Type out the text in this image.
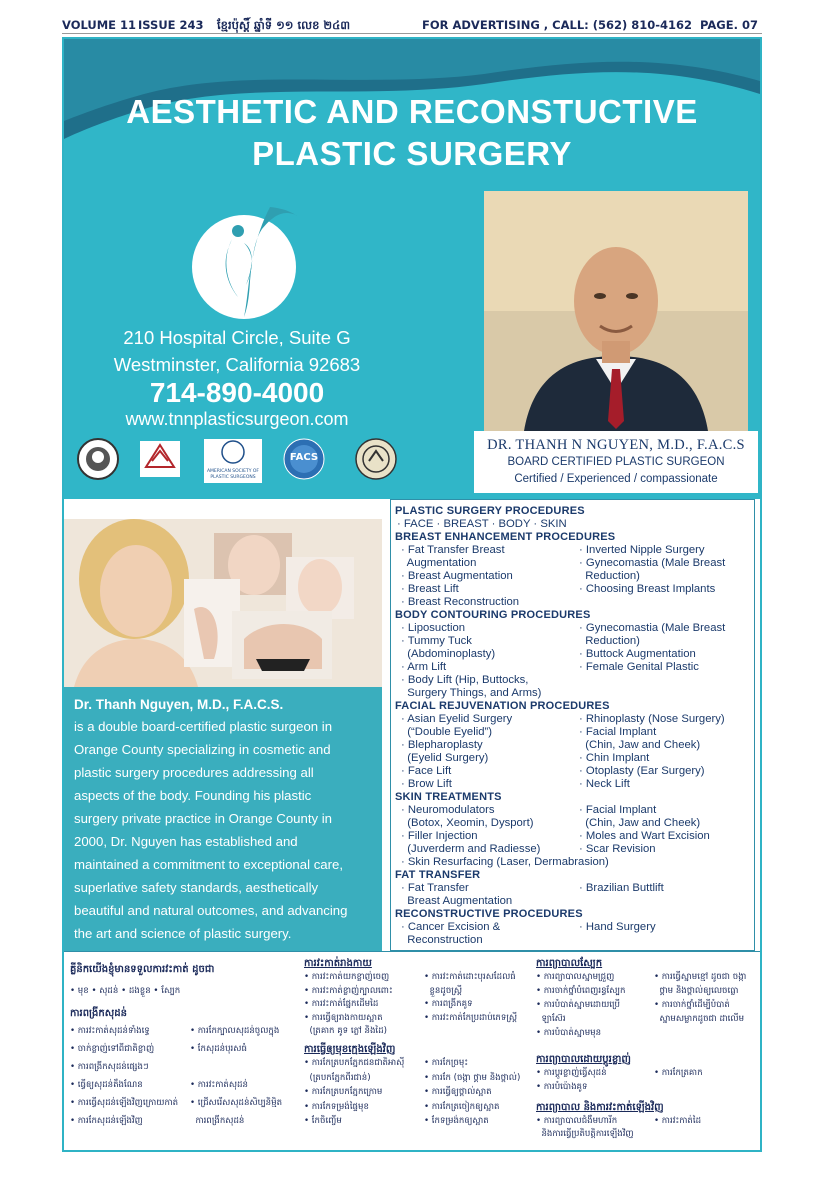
VOLUME 11 ISSUE 243 ខ្មែរប៉ុស្ដិ៍ ឆ្នាំទី ១១ លេខ ២៤៣	FOR ADVERTISING , CALL: (562) 810-4162 PAGE. 07
AESTHETIC AND RECONSTUCTIVE
PLASTIC SURGERY
210 Hospital Circle, Suite G
Westminster, California 92683
714-890-4000
www.tnnplasticsurgeon.com
AMERICAN SOCIETY OF PLASTIC SURGEONS
FACS
DR. THANH N NGUYEN, M.D., F.A.C.S
BOARD CERTIFIED PLASTIC SURGEON
Certified / Experienced / compassionate
Dr. Thanh Nguyen, M.D., F.A.C.S.
is a double board-certified plastic surgeon in
Orange County specializing in cosmetic and
plastic surgery procedures addressing all
aspects of the body. Founding his plastic
surgery private practice in Orange County in
2000, Dr. Nguyen has established and
maintained a commitment to exceptional care,
superlative safety standards, aesthetically
beautiful and natural outcomes, and advancing
the art and science of plastic surgery.
PLASTIC SURGERY PROCEDURES
· FACE · BREAST · BODY · SKIN
BREAST ENHANCEMENT PROCEDURES
· Fat Transfer Breast
Augmentation
· Breast Augmentation
· Breast Lift
· Breast Reconstruction
· Inverted Nipple Surgery
· Gynecomastia (Male Breast
Reduction)
· Choosing Breast Implants
BODY CONTOURING PROCEDURES
· Liposuction
· Tummy Tuck
(Abdominoplasty)
· Arm Lift
· Body Lift (Hip, Buttocks,
Surgery Things, and Arms)
· Gynecomastia (Male Breast
Reduction)
· Buttock Augmentation
· Female Genital Plastic
FACIAL REJUVENATION PROCEDURES
· Asian Eyelid Surgery
(“Double Eyelid”)
· Blepharoplasty
(Eyelid Surgery)
· Face Lift
· Brow Lift
· Rhinoplasty (Nose Surgery)
· Facial Implant
(Chin, Jaw and Cheek)
· Chin Implant
· Otoplasty (Ear Surgery)
· Neck Lift
SKIN TREATMENTS
· Neuromodulators
(Botox, Xeomin, Dysport)
· Filler Injection
(Juverderm and Radiesse)
· Skin Resurfacing (Laser, Dermabrasion)
· Facial Implant
(Chin, Jaw and Cheek)
· Moles and Wart Excision
· Scar Revision
FAT TRANSFER
· Fat Transfer
Breast Augmentation
· Brazilian Buttlift
RECONSTRUCTIVE PROCEDURES
· Cancer Excision &
Reconstruction
· Hand Surgery
គ្លីនិកយើងខ្ញុំមានទទួលការវះកាត់ ដូចជា
• មុខ • សុដន់ • ដងខ្លួន • ស្បែក
ការពង្រីកសុដន់
• ការវះកាត់សុដន់ទាំងទ្វេ
• ចាក់ខ្លាញ់ទៅពីជាតិខ្លាញ់
• ការពង្រីកសុដន់ផ្សេងៗ
• ធ្វើឲ្យសុដន់តឹងណែន
• ការធ្វើសុដន់ឡើងវិញក្រោយកាត់
• ការកែសុដន់ឡើងវិញ
• ការកែក្បាលសុដន់ចូលក្នុង
• កែសុដន់បុរសធំ
• ការវះកាត់សុដន់
• ជ្រើសរើសសុដន់សិប្បនិម្មិត
ការពង្រីកសុដន់
ការវះកាត់រាងកាយ
• ការវះកាត់យកខ្លាញ់ចេញ
• ការវះកាត់ខ្លាញ់ក្បាលពោះ
• ការវះកាត់ផ្នែកដើមដៃ
• ការធ្វើឲ្យរាងកាយស្អាត
(ត្រគាក គូទ ភ្លៅ និងដៃ)
• ការវះកាត់ដោះបុរសដែលធំ
ខ្លួនដូចស្ត្រី
• ការពង្រីកគូទ
• ការវះកាត់កែប្រដាប់ភេទស្ត្រី
ការធ្វើឲ្យមុខក្មេងឡើងវិញ
• ការកែត្របកភ្នែកជនជាតិអាស៊ី
(ត្របកភ្នែកពីរជាន់)
• ការកែត្របកភ្នែកក្រោម
• ការកែទម្រង់ផ្ទៃមុខ
• កែចិញ្ចើម
• ការកែច្រមុះ
• ការកែ (ចង្កា ថ្គាម និងថ្ពាល់)
• ការធ្វើឲ្យថ្ពាល់ស្អាត
• ការកែត្រចៀកឲ្យស្អាត
• កែទម្រង់កឲ្យស្អាត
ការព្យាបាលស្បែក
• ការព្យាបាលស្នាមជ្រួញ
• ការចាក់ថ្នាំបំពេញរន្ធស្បែក
• ការបំបាត់ស្នាមដោយប្រើ
ឡាស៊ែរ
• ការបំបាត់ស្នាមមុន
• ការធ្វើស្នាមខ្មៅ ដូចជា ចង្កា
ថ្គាម និងថ្ពាល់ឲ្យលេចធ្លោ
• ការចាក់ថ្នាំដើម្បីបំបាត់
ស្នាមសម្លាកដូចជា ដាលើម
ការព្យាបាលដោយប្តូរខ្លាញ់
• ការប្តូរខ្លាញ់ធ្វើសុដន់
• ការបំប៉ោងគូទ
• ការកែត្រគាក
ការព្យាបាល និងការវះកាត់ឡើងវិញ
• ការព្យាបាលជំងឺមហារីក
និងការធ្វើប្រតិបត្តិការឡើងវិញ
• ការវះកាត់ដៃ
